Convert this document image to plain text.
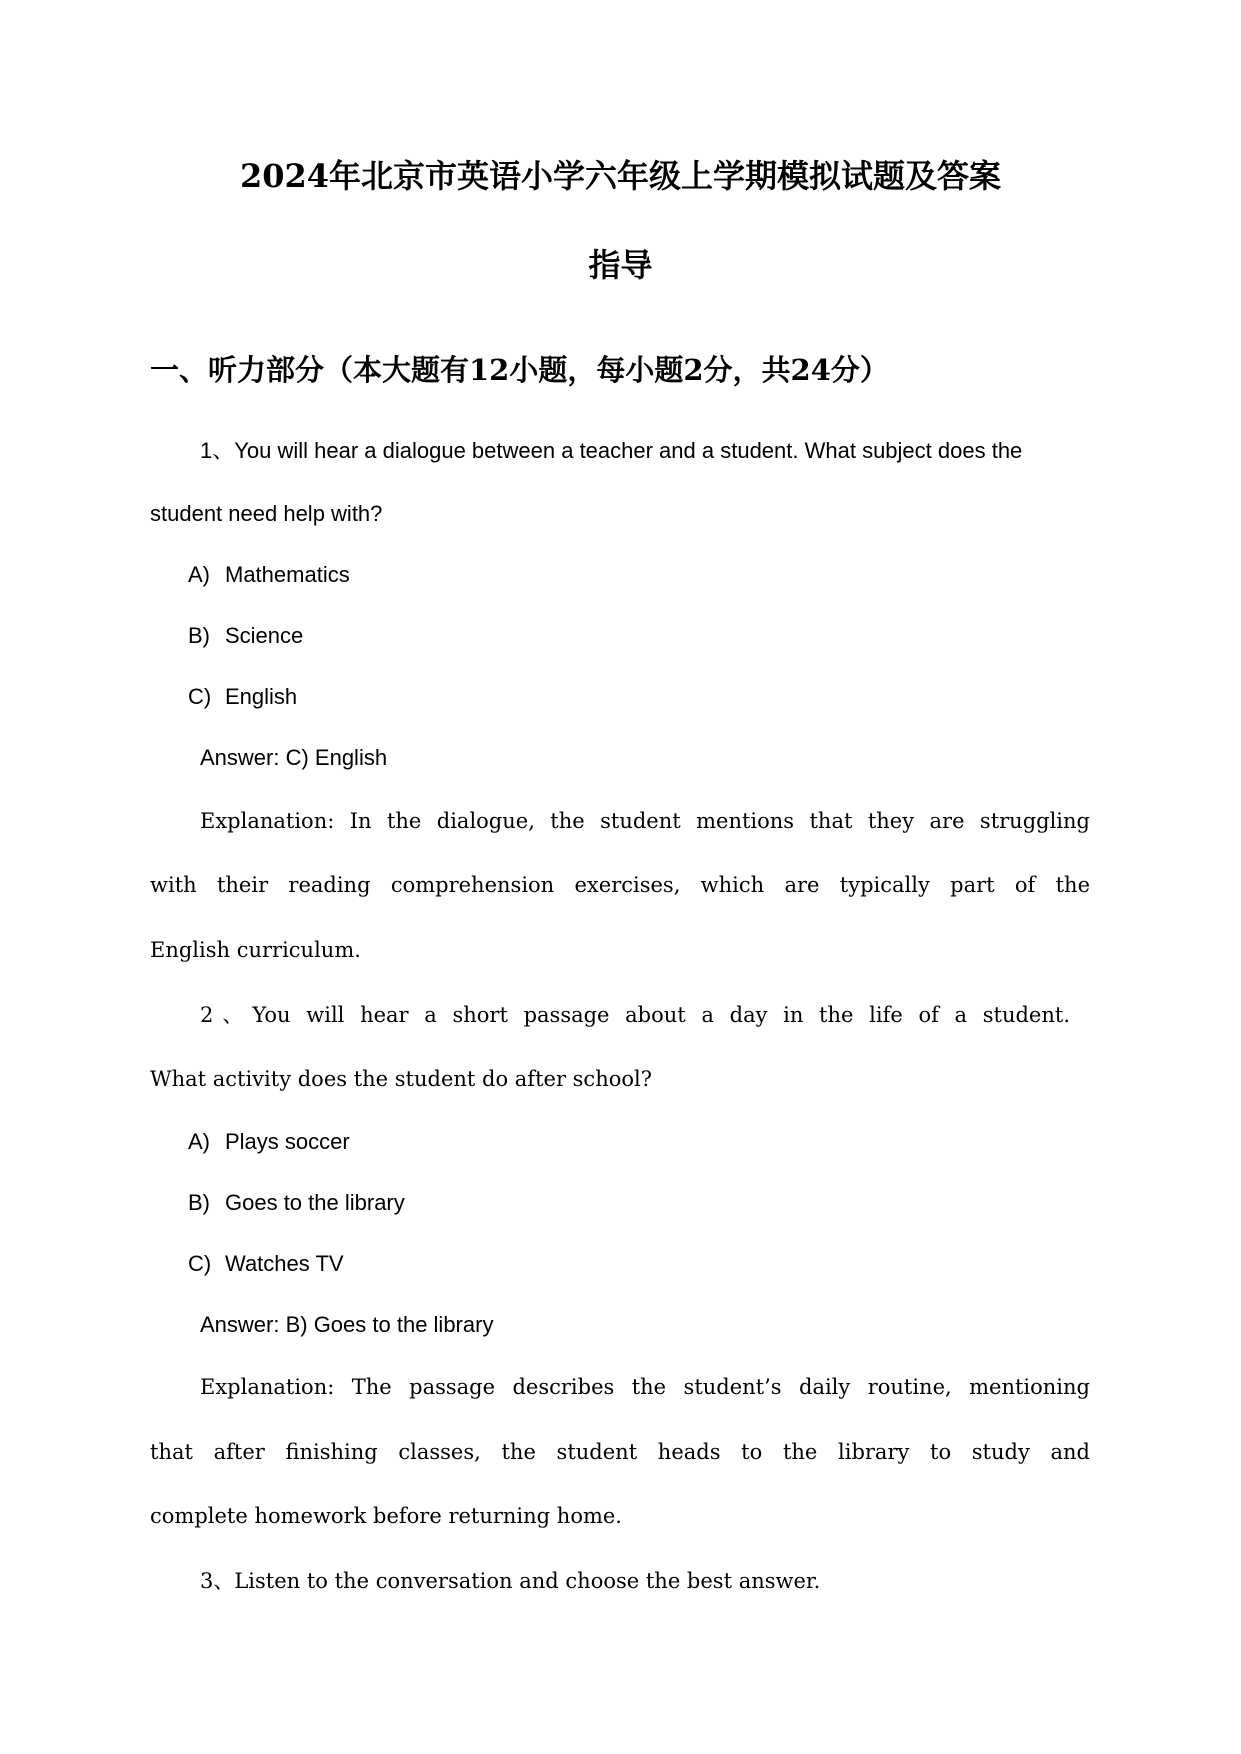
2024年北京市英语小学六年级上学期模拟试题及答案
指导
一、听力部分（本大题有12小题，每小题2分，共24分）

1、You will hear a dialogue between a teacher and a student. What subject does the

student need help with?

A) Mathematics

B) Science

C) English

Answer: C) English

Explanation: In the dialogue, the student mentions that they are struggling

with their reading comprehension exercises, which are typically part of the

English curriculum.

2、You will hear a short passage about a day in the life of a student.

What activity does the student do after school?

A) Plays soccer

B) Goes to the library

C) Watches TV

Answer: B) Goes to the library

Explanation: The passage describes the student’s daily routine, mentioning

that after finishing classes, the student heads to the library to study and

complete homework before returning home.

3、Listen to the conversation and choose the best answer.
